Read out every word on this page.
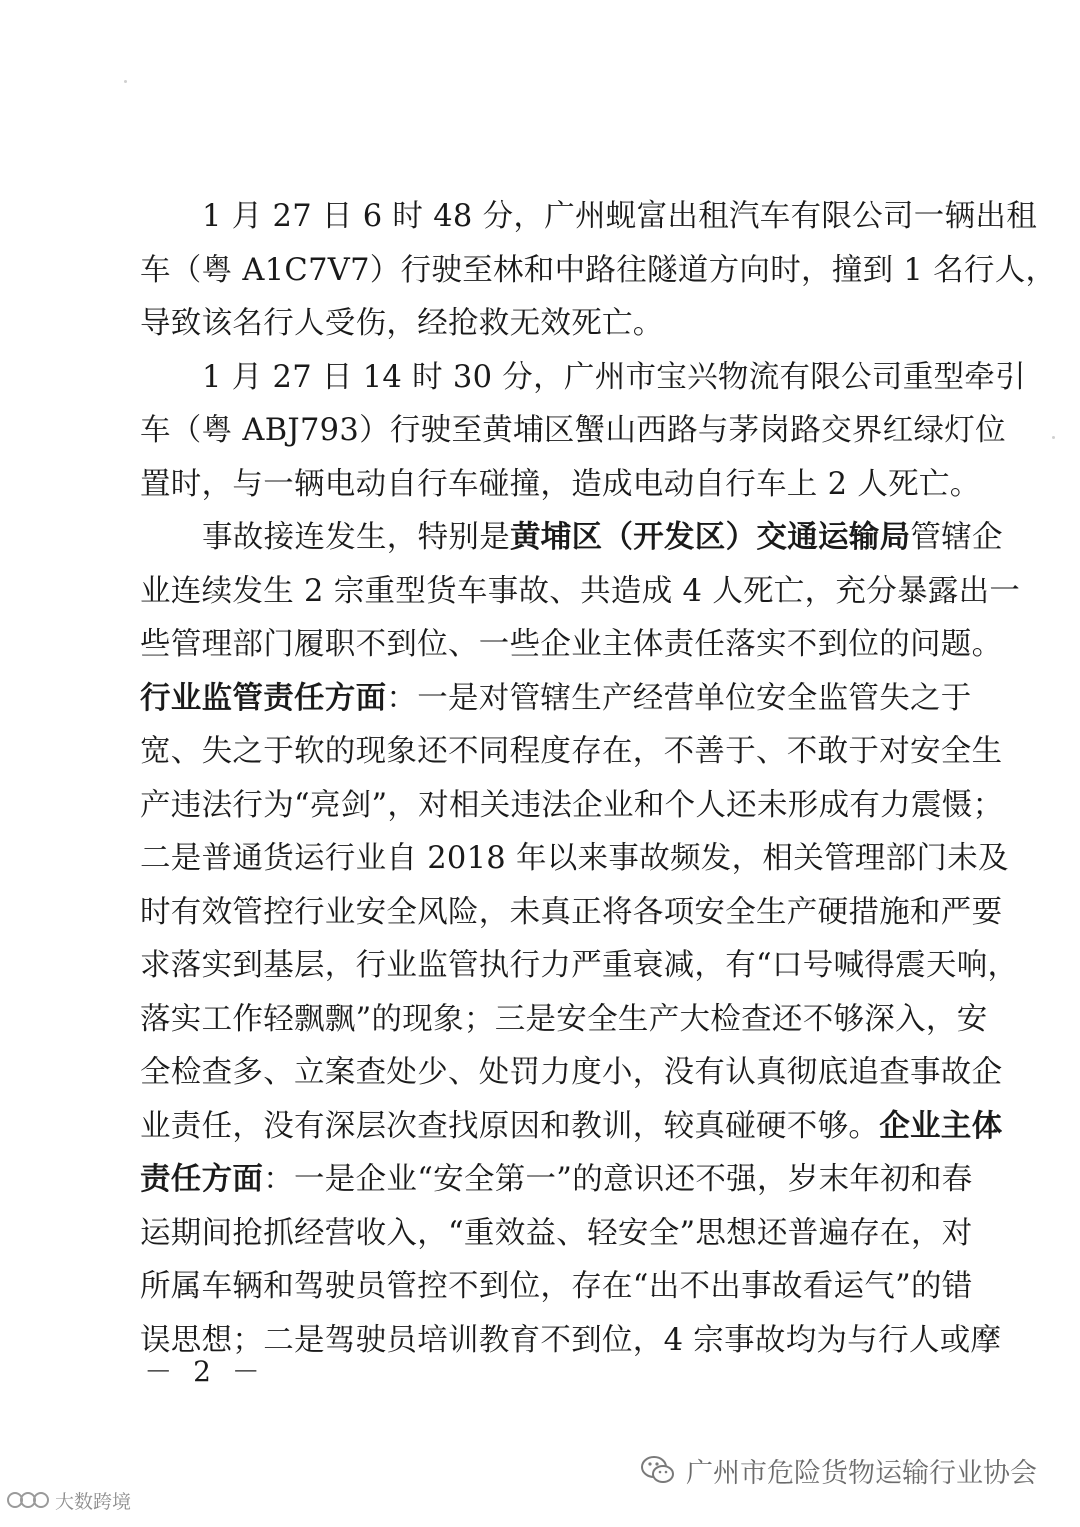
1 月 27 日 6 时 48 分，广州蚬富出租汽车有限公司一辆出租
车（粤 A1C7V7）行驶至林和中路往隧道方向时，撞到 1 名行人，
导致该名行人受伤，经抢救无效死亡。
1 月 27 日 14 时 30 分，广州市宝兴物流有限公司重型牵引
车（粤 ABJ793）行驶至黄埔区蟹山西路与茅岗路交界红绿灯位
置时，与一辆电动自行车碰撞，造成电动自行车上 2 人死亡。
事故接连发生，特别是黄埔区（开发区）交通运输局管辖企
业连续发生 2 宗重型货车事故、共造成 4 人死亡，充分暴露出一
些管理部门履职不到位、一些企业主体责任落实不到位的问题。
行业监管责任方面：一是对管辖生产经营单位安全监管失之于
宽、失之于软的现象还不同程度存在，不善于、不敢于对安全生
产违法行为“亮剑”，对相关违法企业和个人还未形成有力震慑；
二是普通货运行业自 2018 年以来事故频发，相关管理部门未及
时有效管控行业安全风险，未真正将各项安全生产硬措施和严要
求落实到基层，行业监管执行力严重衰减，有“口号喊得震天响，
落实工作轻飘飘”的现象；三是安全生产大检查还不够深入，安
全检查多、立案查处少、处罚力度小，没有认真彻底追查事故企
业责任，没有深层次查找原因和教训，较真碰硬不够。企业主体
责任方面：一是企业“安全第一”的意识还不强，岁末年初和春
运期间抢抓经营收入，“重效益、轻安全”思想还普遍存在，对
所属车辆和驾驶员管控不到位，存在“出不出事故看运气”的错
误思想；二是驾驶员培训教育不到位，4 宗事故均为与行人或摩
－ 2 －
广州市危险货物运输行业协会
大数跨境
